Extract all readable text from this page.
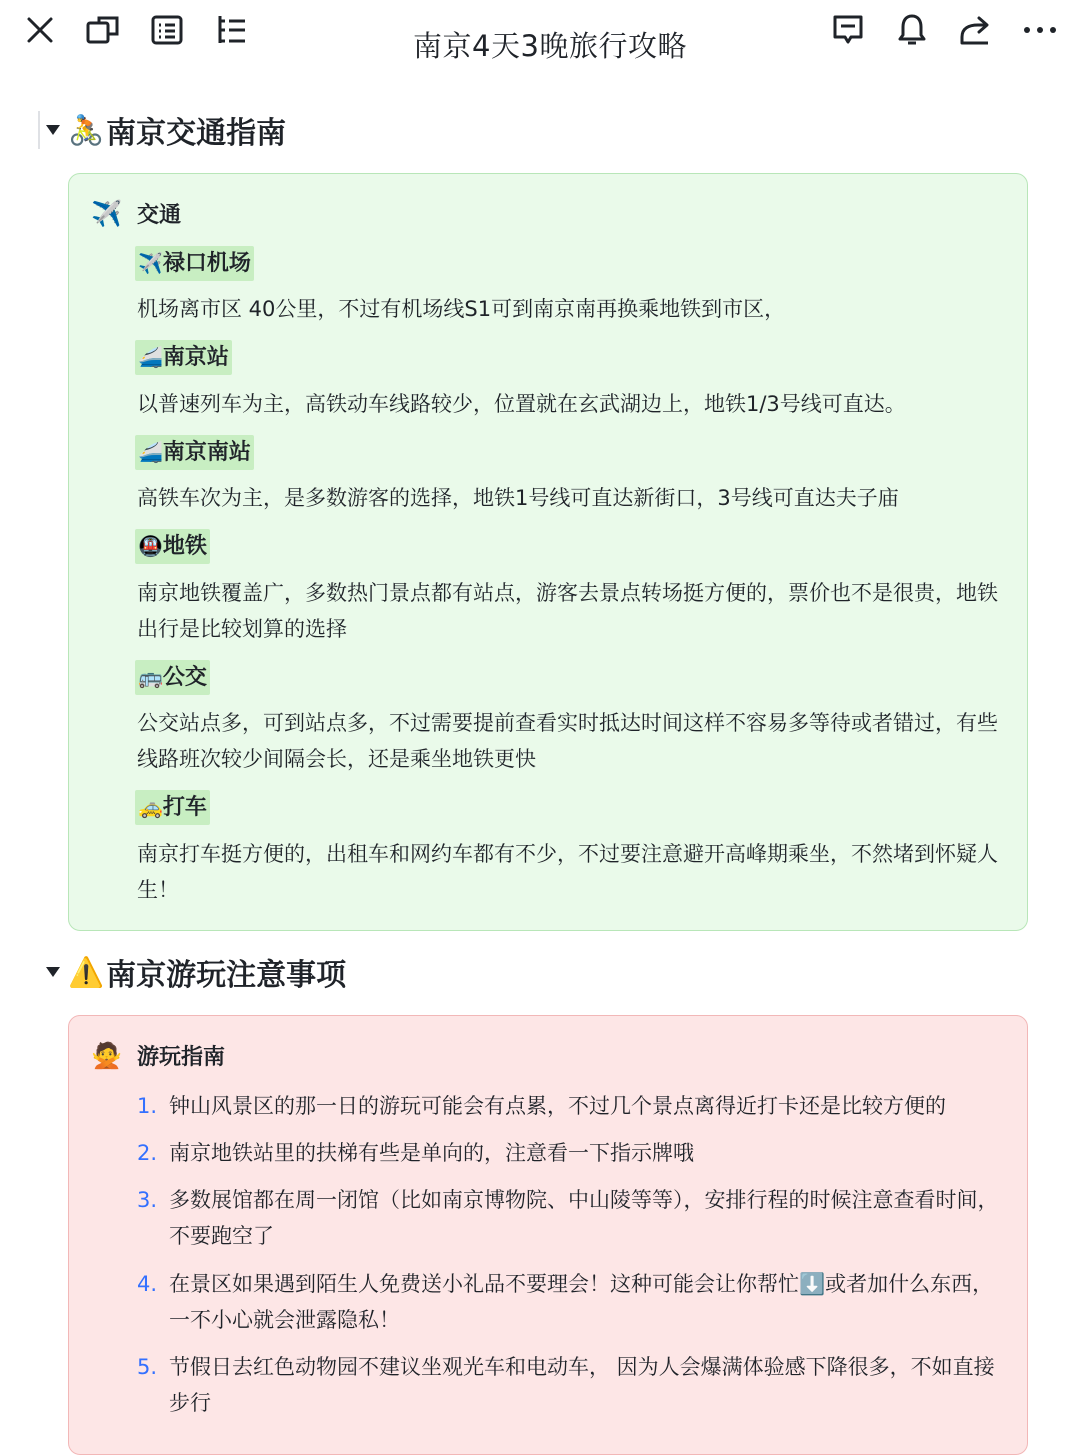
南京4天3晚旅行攻略
🚴 南京交通指南
✈️ 交通
✈️禄口机场
机场离市区 40公里，不过有机场线S1可到南京南再换乘地铁到市区，
🚄南京站
以普速列车为主，高铁动车线路较少，位置就在玄武湖边上，地铁1/3号线可直达。
🚄南京南站
高铁车次为主，是多数游客的选择，地铁1号线可直达新街口，3号线可直达夫子庙
🚇地铁
南京地铁覆盖广，多数热门景点都有站点，游客去景点转场挺方便的，票价也不是很贵，地铁出行是比较划算的选择
🚌公交
公交站点多，可到站点多，不过需要提前查看实时抵达时间这样不容易多等待或者错过，有些线路班次较少间隔会长，还是乘坐地铁更快
🚕打车
南京打车挺方便的，出租车和网约车都有不少，不过要注意避开高峰期乘坐，不然堵到怀疑人生！
⚠️ 南京游玩注意事项
🙅 游玩指南
1. 钟山风景区的那一日的游玩可能会有点累，不过几个景点离得近打卡还是比较方便的
2. 南京地铁站里的扶梯有些是单向的，注意看一下指示牌哦
3. 多数展馆都在周一闭馆（比如南京博物院、中山陵等等），安排行程的时候注意查看时间，不要跑空了
4. 在景区如果遇到陌生人免费送小礼品不要理会！这种可能会让你帮忙⬇️或者加什么东西，一不小心就会泄露隐私！
5. 节假日去红色动物园不建议坐观光车和电动车， 因为人会爆满体验感下降很多，不如直接步行
